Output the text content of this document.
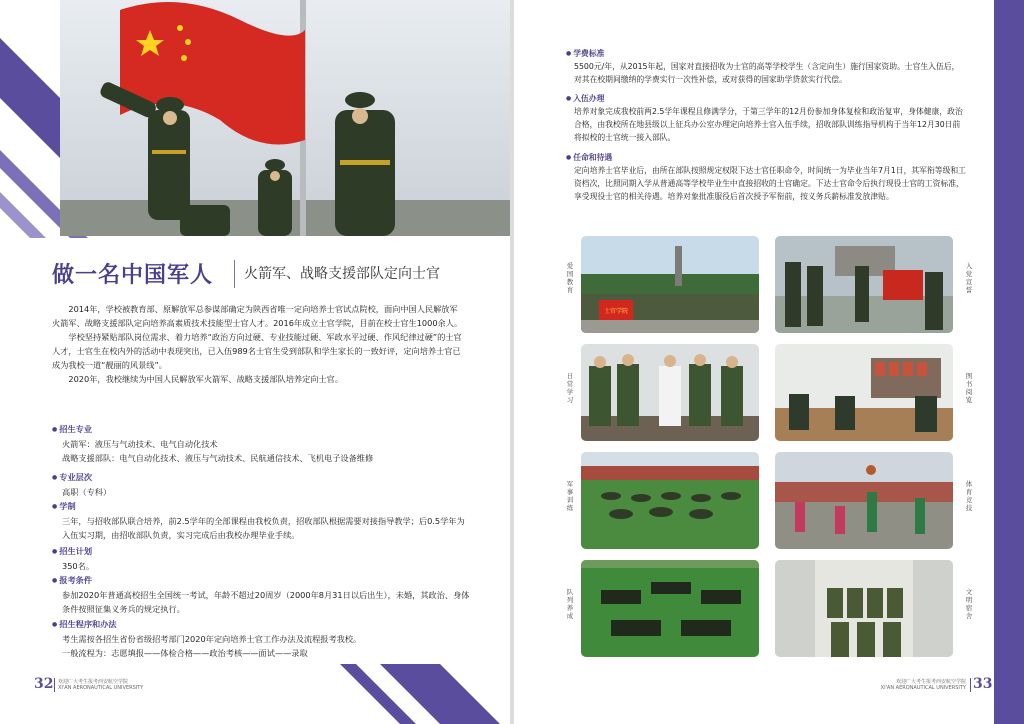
做一名中国军人 火箭军、战略支援部队定向士官

2014年，学校被教育部、原解放军总参谋部确定为陕西省唯一定向培养士官试点院校，面向中国人民解放军火箭军、战略支援部队定向培养高素质技术技能型士官人才。2016年成立士官学院，目前在校士官生1000余人。

学校坚持紧贴部队岗位需求、着力培养“政治方向过硬、专业技能过硬、军政水平过硬、作风纪律过硬”的士官人才，士官生在校内外的活动中表现突出，已入伍989名士官生受到部队和学生家长的一致好评，定向培养士官已成为我校一道“靓丽的风景线”。

2020年，我校继续为中国人民解放军火箭军、战略支援部队培养定向士官。

● 招生专业
火箭军：液压与气动技术、电气自动化技术
战略支援部队：电气自动化技术、液压与气动技术、民航通信技术、飞机电子设备维修
● 专业层次
高职（专科）
● 学制
三年，与招收部队联合培养，前2.5学年的全部课程由我校负责，招收部队根据需要对接指导教学；后0.5学年为入伍实习期，由招收部队负责，实习完成后由我校办理毕业手续。
● 招生计划
350名。
● 报考条件
参加2020年普通高校招生全国统一考试，年龄不超过20周岁（2000年8月31日以后出生），未婚，其政治、身体条件按照征集义务兵的规定执行。
● 招生程序和办法
考生需按各招生省份省级招考部门2020年定向培养士官工作办法及流程报考我校。
一般流程为：志愿填报——体检合格——政治考核——面试——录取
32 欢迎广大考生报考西安航空学院
XI'AN AERONAUTICAL UNIVERSITY
● 学费标准
5500元/年，从2015年起，国家对直接招收为士官的高等学校学生（含定向生）施行国家资助。士官生入伍后，对其在校期间缴纳的学费实行一次性补偿，或对获得的国家助学贷款实行代偿。
● 入伍办理
培养对象完成我校前两2.5学年课程且修满学分，于第三学年的12月份参加身体复检和政治复审，身体健康，政治合格，由我校所在地县级以上征兵办公室办理定向培养士官入伍手续，招收部队训练指导机构于当年12月30日前将拟校的士官统一接入部队。
● 任命和待遇
定向培养士官毕业后，由所在部队按照规定权限下达士官任职命令，时间统一为毕业当年7月1日，其军衔等级和工资档次，比照同期入学从普通高等学校毕业生中直接招收的士官确定。下达士官命令后执行现役士官的工资标准，享受现役士官的相关待遇。培养对象批准服役后首次授予军衔前，按义务兵薪标准发放津贴。
士官学院
爱国教育
入党宣誓
日常学习
图书阅览
军事训练
体育竞技
队列养成
文明宿舍
欢迎广大考生报考西安航空学院
XI'AN AERONAUTICAL UNIVERSITY 33
